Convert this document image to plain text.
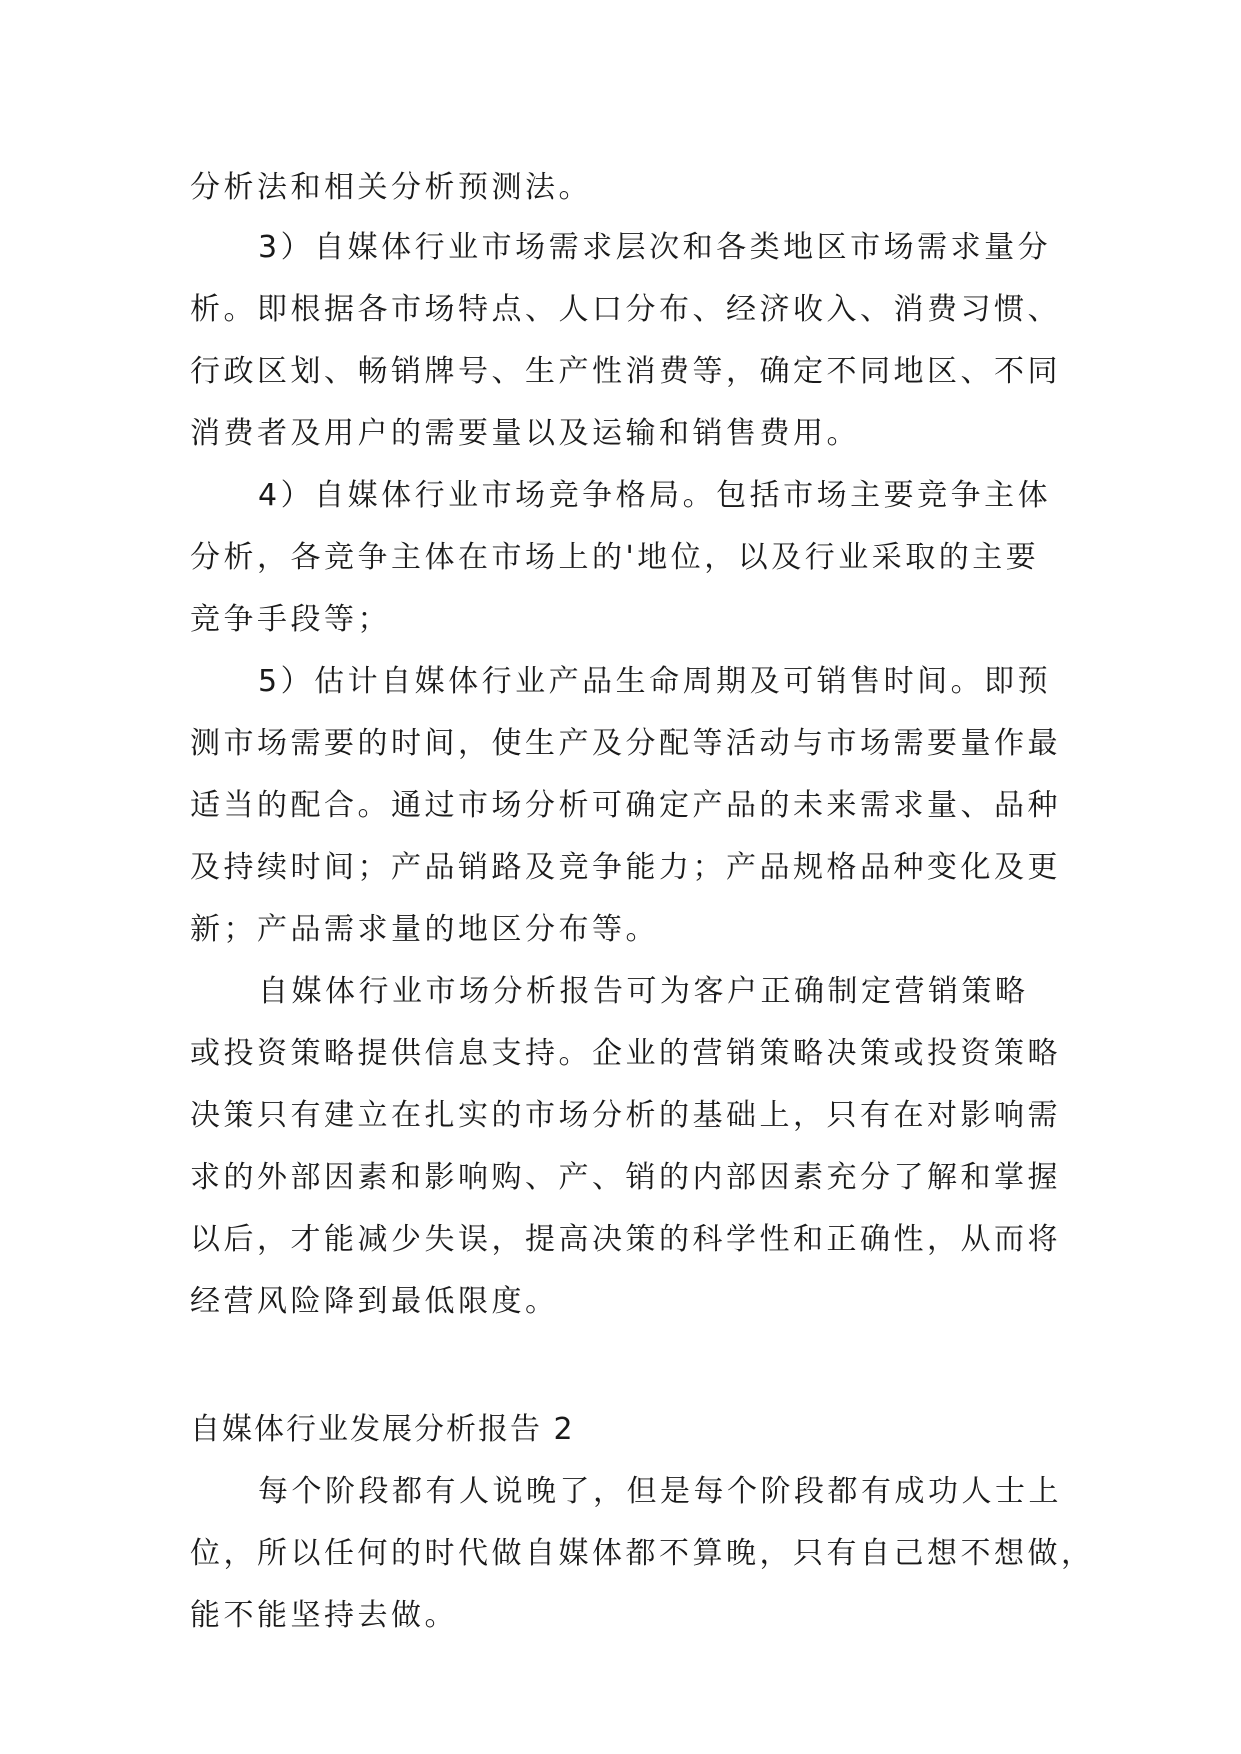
分析法和相关分析预测法。
3）自媒体行业市场需求层次和各类地区市场需求量分
析。即根据各市场特点、人口分布、经济收入、消费习惯、
行政区划、畅销牌号、生产性消费等，确定不同地区、不同
消费者及用户的需要量以及运输和销售费用。
4）自媒体行业市场竞争格局。包括市场主要竞争主体
分析，各竞争主体在市场上的'地位，以及行业采取的主要
竞争手段等；
5）估计自媒体行业产品生命周期及可销售时间。即预
测市场需要的时间，使生产及分配等活动与市场需要量作最
适当的配合。通过市场分析可确定产品的未来需求量、品种
及持续时间；产品销路及竞争能力；产品规格品种变化及更
新；产品需求量的地区分布等。
自媒体行业市场分析报告可为客户正确制定营销策略
或投资策略提供信息支持。企业的营销策略决策或投资策略
决策只有建立在扎实的市场分析的基础上，只有在对影响需
求的外部因素和影响购、产、销的内部因素充分了解和掌握
以后，才能减少失误，提高决策的科学性和正确性，从而将
经营风险降到最低限度。
自媒体行业发展分析报告 2
每个阶段都有人说晚了，但是每个阶段都有成功人士上
位，所以任何的时代做自媒体都不算晚，只有自己想不想做，
能不能坚持去做。
